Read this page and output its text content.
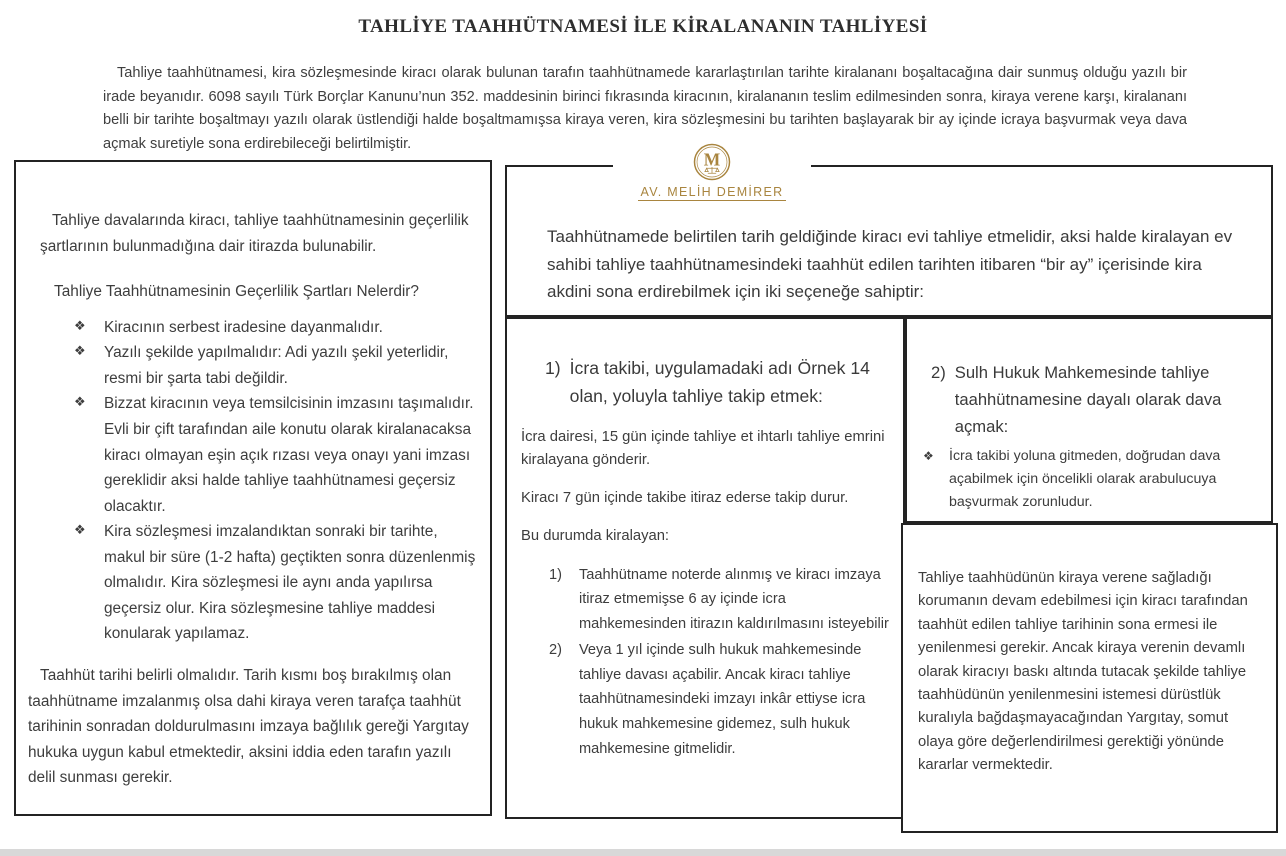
TAHLİYE TAAHHÜTNAMESİ İLE KİRALANANIN TAHLİYESİ

Tahliye taahhütnamesi, kira sözleşmesinde kiracı olarak bulunan tarafın taahhütnamede kararlaştırılan tarihte kiralananı boşaltacağına dair sunmuş olduğu yazılı bir irade beyanıdır. 6098 sayılı Türk Borçlar Kanunu’nun 352. maddesinin birinci fıkrasında kiracının, kiralananın teslim edilmesinden sonra, kiraya verene karşı, kiralananı belli bir tarihte boşaltmayı yazılı olarak üstlendiği halde boşaltmamışsa kiraya veren, kira sözleşmesini bu tarihten başlayarak bir ay içinde icraya başvurmak veya dava açmak suretiyle sona erdirebileceği belirtilmiştir.

Tahliye davalarında kiracı, tahliye taahhütnamesinin geçerlilik şartlarının bulunmadığına dair itirazda bulunabilir.

Tahliye Taahhütnamesinin Geçerlilik Şartları Nelerdir?

❖ Kiracının serbest iradesine dayanmalıdır.
❖ Yazılı şekilde yapılmalıdır: Adi yazılı şekil yeterlidir, resmi bir şarta tabi değildir.
❖ Bizzat kiracının veya temsilcisinin imzasını taşımalıdır. Evli bir çift tarafından aile konutu olarak kiralanacaksa kiracı olmayan eşin açık rızası veya onayı yani imzası gereklidir aksi halde tahliye taahhütnamesi geçersiz olacaktır.
❖ Kira sözleşmesi imzalandıktan sonraki bir tarihte, makul bir süre (1-2 hafta) geçtikten sonra düzenlenmiş olmalıdır. Kira sözleşmesi ile aynı anda yapılırsa geçersiz olur. Kira sözleşmesine tahliye maddesi konularak yapılamaz.

Taahhüt tarihi belirli olmalıdır. Tarih kısmı boş bırakılmış olan taahhütname imzalanmış olsa dahi kiraya veren tarafça taahhüt tarihinin sonradan doldurulmasını imzaya bağlılık gereği Yargıtay hukuka uygun kabul etmektedir, aksini iddia eden tarafın yazılı delil sunması gerekir.

M
AV. MELİH DEMİRER

Taahhütnamede belirtilen tarih geldiğinde kiracı evi tahliye etmelidir, aksi halde kiralayan ev sahibi tahliye taahhütnamesindeki taahhüt edilen tarihten itibaren “bir ay” içerisinde kira akdini sona erdirebilmek için iki seçeneğe sahiptir:

1) İcra takibi, uygulamadaki adı Örnek 14 olan, yoluyla tahliye takip etmek:

İcra dairesi, 15 gün içinde tahliye et ihtarlı tahliye emrini kiralayana gönderir.

Kiracı 7 gün içinde takibe itiraz ederse takip durur.

Bu durumda kiralayan:

1)	Taahhütname noterde alınmış ve kiracı imzaya itiraz etmemişse 6 ay içinde icra mahkemesinden itirazın kaldırılmasını isteyebilir
2)	Veya 1 yıl içinde sulh hukuk mahkemesinde tahliye davası açabilir. Ancak kiracı tahliye taahhütnamesindeki imzayı inkâr ettiyse icra hukuk mahkemesine gidemez, sulh hukuk mahkemesine gitmelidir.
2) Sulh Hukuk Mahkemesinde tahliye taahhütnamesine dayalı olarak dava açmak:
❖ İcra takibi yoluna gitmeden, doğrudan dava açabilmek için öncelikli olarak arabulucuya başvurmak zorunludur.

Tahliye taahhüdünün kiraya verene sağladığı korumanın devam edebilmesi için kiracı tarafından taahhüt edilen tahliye tarihinin sona ermesi ile yenilenmesi gerekir. Ancak kiraya verenin devamlı olarak kiracıyı baskı altında tutacak şekilde tahliye taahhüdünün yenilenmesini istemesi dürüstlük kuralıyla bağdaşmayacağından Yargıtay, somut olaya göre değerlendirilmesi gerektiği yönünde kararlar vermektedir.
